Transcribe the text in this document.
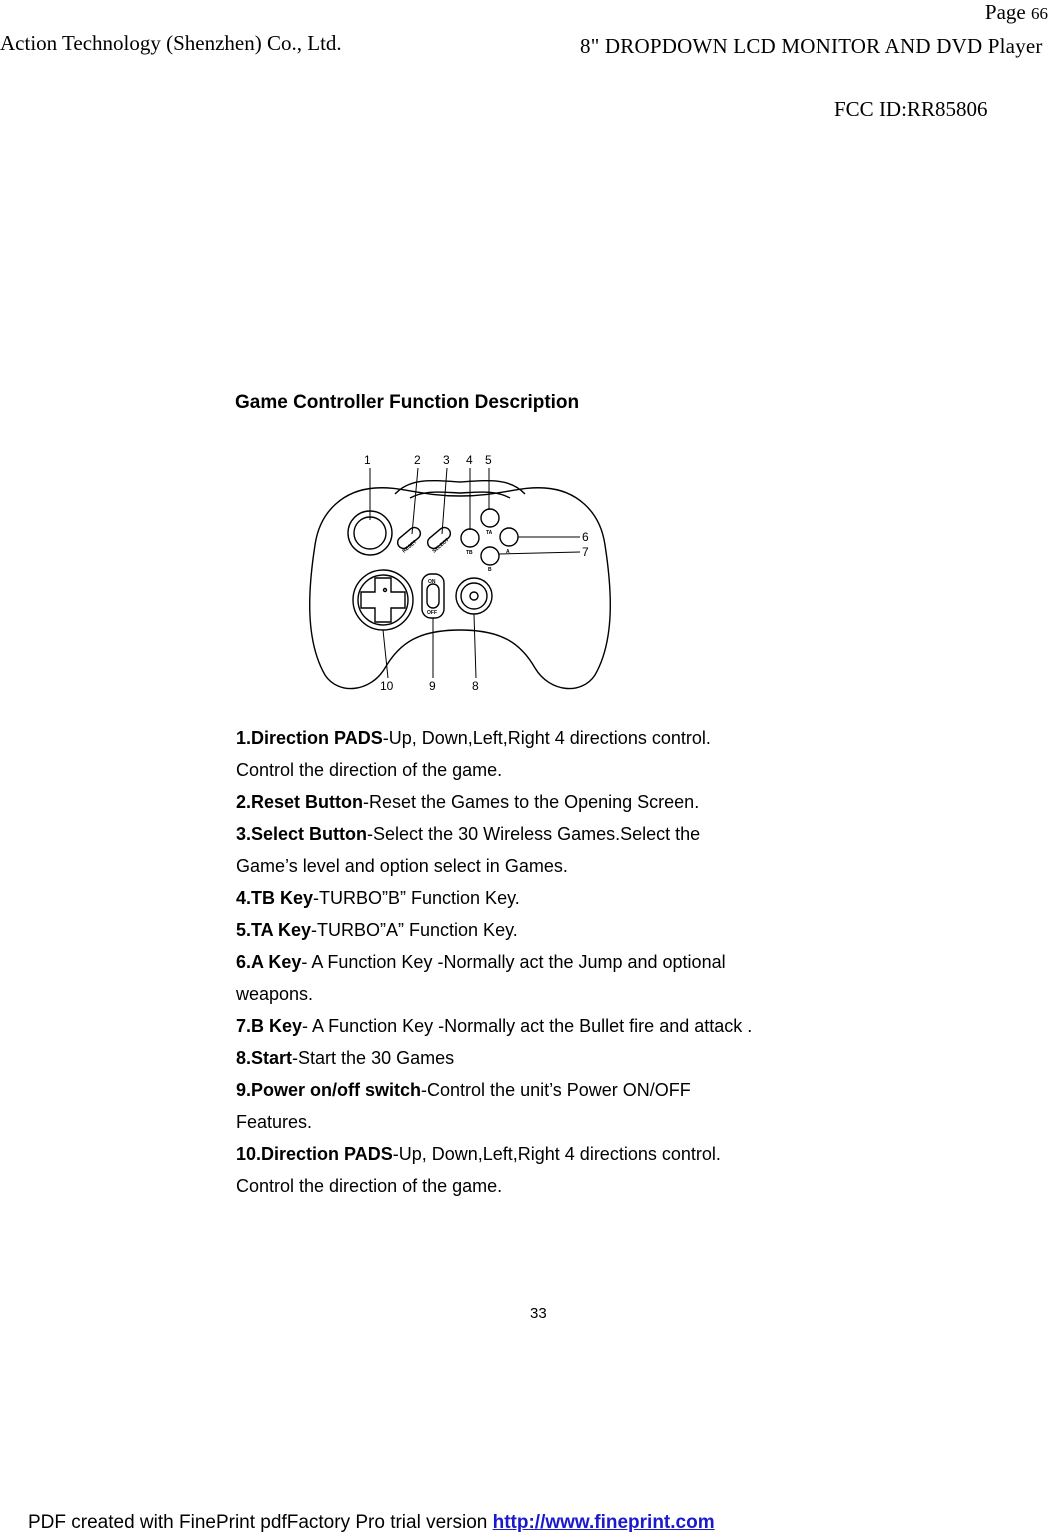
Page 66
Action Technology (Shenzhen) Co., Ltd.	8" DROPDOWN LCD MONITOR AND DVD Player
FCC ID:RR85806
Game Controller Function Description
1	2 3 4 5
6
7
10	9	8
RESET	SELECT
TA
TB	A
B
ON
OFF

1.Direction PADS-Up, Down,Left,Right 4 directions control.

Control the direction of the game.

2.Reset Button-Reset the Games to the Opening Screen.

3.Select Button-Select the 30 Wireless Games.Select the

Game’s level and option select in Games.

4.TB Key-TURBO”B” Function Key.

5.TA Key-TURBO”A” Function Key.

6.A Key- A Function Key -Normally act the Jump and optional

weapons.

7.B Key- A Function Key -Normally act the Bullet fire and attack .

8.Start-Start the 30 Games

9.Power on/off switch-Control the unit’s Power ON/OFF

Features.

10.Direction PADS-Up, Down,Left,Right 4 directions control.

Control the direction of the game.

33
PDF created with FinePrint pdfFactory Pro trial version http://www.fineprint.com
